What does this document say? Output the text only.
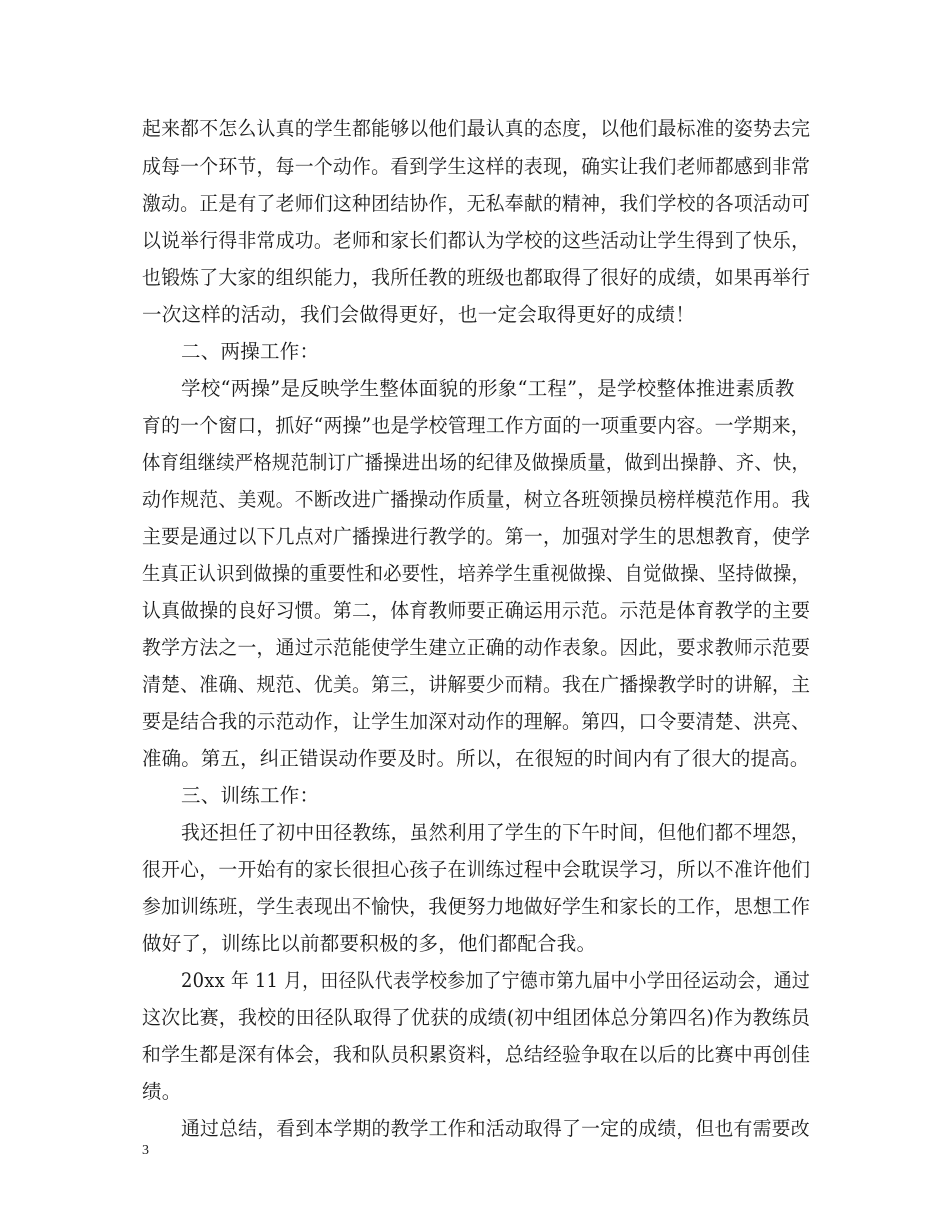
起来都不怎么认真的学生都能够以他们最认真的态度，以他们最标准的姿势去完
成每一个环节，每一个动作。看到学生这样的表现，确实让我们老师都感到非常
激动。正是有了老师们这种团结协作，无私奉献的精神，我们学校的各项活动可
以说举行得非常成功。老师和家长们都认为学校的这些活动让学生得到了快乐，
也锻炼了大家的组织能力，我所任教的班级也都取得了很好的成绩，如果再举行
一次这样的活动，我们会做得更好，也一定会取得更好的成绩！
二、两操工作：
学校“两操”是反映学生整体面貌的形象“工程”，是学校整体推进素质教
育的一个窗口，抓好“两操”也是学校管理工作方面的一项重要内容。一学期来，
体育组继续严格规范制订广播操进出场的纪律及做操质量，做到出操静、齐、快，
动作规范、美观。不断改进广播操动作质量，树立各班领操员榜样模范作用。我
主要是通过以下几点对广播操进行教学的。第一，加强对学生的思想教育，使学
生真正认识到做操的重要性和必要性，培养学生重视做操、自觉做操、坚持做操，
认真做操的良好习惯。第二，体育教师要正确运用示范。示范是体育教学的主要
教学方法之一，通过示范能使学生建立正确的动作表象。因此，要求教师示范要
清楚、准确、规范、优美。第三，讲解要少而精。我在广播操教学时的讲解，主
要是结合我的示范动作，让学生加深对动作的理解。第四，口令要清楚、洪亮、
准确。第五，纠正错误动作要及时。所以，在很短的时间内有了很大的提高。
三、训练工作：
我还担任了初中田径教练，虽然利用了学生的下午时间，但他们都不埋怨，
很开心，一开始有的家长很担心孩子在训练过程中会耽误学习，所以不准许他们
参加训练班，学生表现出不愉快，我便努力地做好学生和家长的工作，思想工作
做好了，训练比以前都要积极的多，他们都配合我。
20xx 年 11 月，田径队代表学校参加了宁德市第九届中小学田径运动会，通过
这次比赛，我校的田径队取得了优获的成绩(初中组团体总分第四名)作为教练员
和学生都是深有体会，我和队员积累资料，总结经验争取在以后的比赛中再创佳
绩。
通过总结，看到本学期的教学工作和活动取得了一定的成绩，但也有需要改
3
